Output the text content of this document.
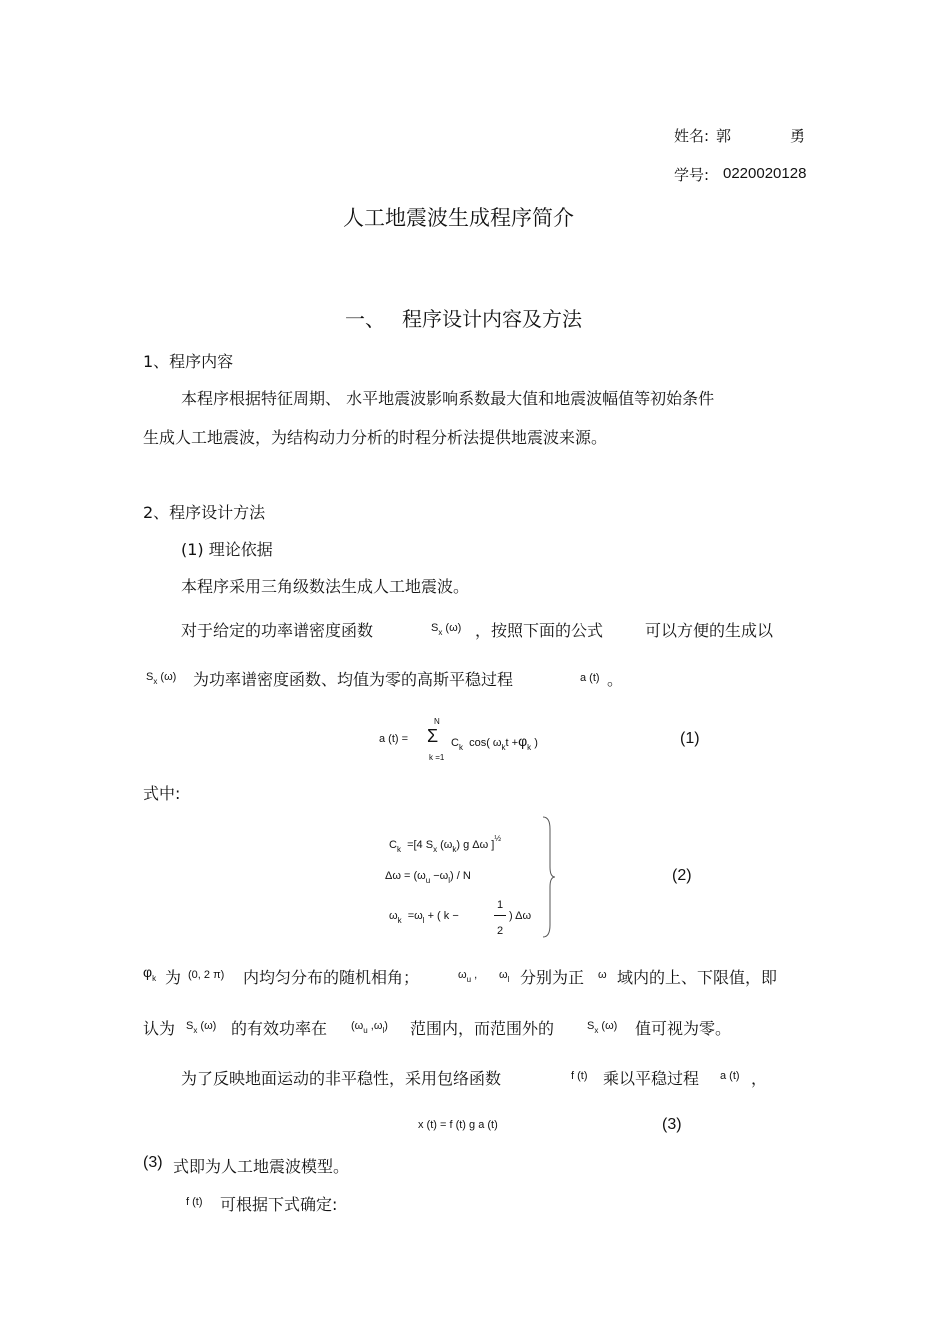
姓名: 郭	勇
学号: 0220020128
人工地震波生成程序简介
一、 程序设计内容及方法
1、程序内容
本程序根据特征周期、 水平地震波影响系数最大值和地震波幅值等初始条件
生成人工地震波，为结构动力分析的时程分析法提供地震波来源。
2、程序设计方法
(1) 理论依据
本程序采用三角级数法生成人工地震波。
对于给定的功率谱密度函数	$S_x$ (ω) ，按照下面的公式	可以方便的生成以
$S_x$ (ω) 为功率谱密度函数、均值为零的高斯平稳过程	a (t) 。
a (t) =
N
Σ
k =1
$C_k$ cos( $\omega_kt +\varphi_k$ )	(1)
式中:
$C_k =[4$ $S_x$ $(\omega_k)$ g Δω ]$^{\frac{1}{2}}$
$\Delta\omega = (\omega_u -\omega_l) / N$
$\omega_k =\omega_l$ + ( k −
1
2
) Δω
(2)
$\varphi_k$ 为 (0, 2 π) 内均匀分布的随机相角；	$\omega_u$ , $\omega_l$ 分别为正 ω 域内的上、下限值，即
认为 $S_x$ (ω) 的有效功率在 ($\omega_u$ $,\omega_l$) 范围内，而范围外的	$S_x$ (ω) 值可视为零。
为了反映地面运动的非平稳性，采用包络函数	f (t) 乘以平稳过程 a (t) ，
x (t) = f (t) g a (t)	(3)
(3) 式即为人工地震波模型。
f (t) 可根据下式确定:
